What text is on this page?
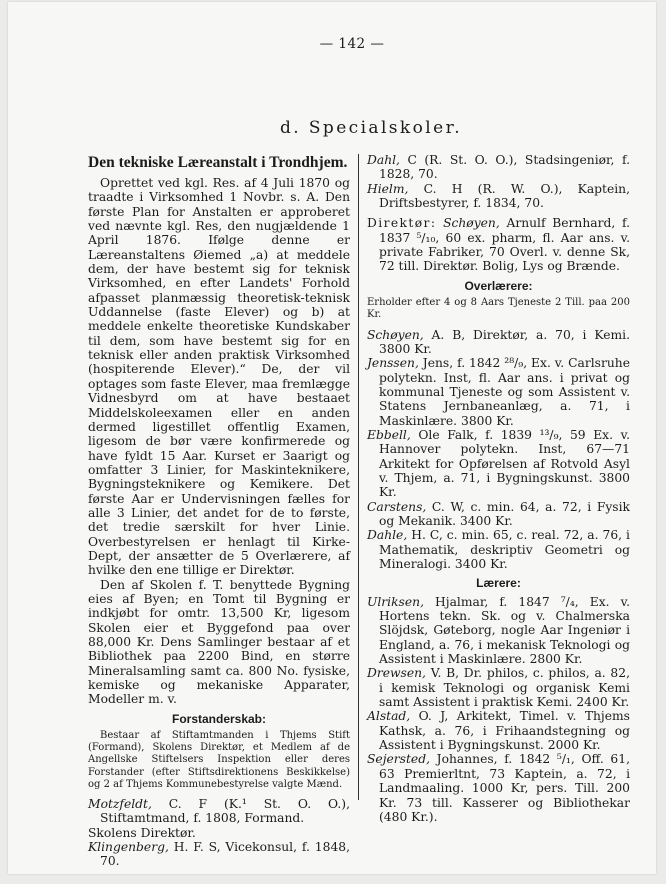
— 142 —
d. Specialskoler.
Den tekniske Læreanstalt i Trondhjem.

Oprettet ved kgl. Res. af 4 Juli 1870 og traadte i Virksomhed 1 Novbr. s. A. Den første Plan for Anstalten er approberet ved nævnte kgl. Res, den nugjældende 1 April 1876. Ifølge denne er Læreanstaltens Øiemed „a) at meddele dem, der have bestemt sig for teknisk Virksomhed, en efter Landets' Forhold afpasset planmæssig theoretisk-teknisk Uddannelse (faste Elever) og b) at meddele enkelte theoretiske Kundskaber til dem, som have bestemt sig for en teknisk eller anden praktisk Virksomhed (hospiterende Elever).“ De, der vil optages som faste Elever, maa fremlægge Vidnesbyrd om at have bestaaet Middelskoleexamen eller en anden dermed ligestillet offentlig Examen, ligesom de bør være konfirmerede og have fyldt 15 Aar. Kurset er 3aarigt og omfatter 3 Linier, for Maskinteknikere, Bygningsteknikere og Kemikere. Det første Aar er Undervisningen fælles for alle 3 Linier, det andet for de to første, det tredie særskilt for hver Linie. Overbestyrelsen er henlagt til Kirke-Dept, der ansætter de 5 Overlærere, af hvilke den ene tillige er Direktør.

Den af Skolen f. T. benyttede Bygning eies af Byen; en Tomt til Bygning er indkjøbt for omtr. 13,500 Kr, ligesom Skolen eier et Byggefond paa over 88,000 Kr. Dens Samlinger bestaar af et Bibliothek paa 2200 Bind, en større Mineralsamling samt ca. 800 No. fysiske, kemiske og mekaniske Apparater, Modeller m. v.

Forstanderskab:

Bestaar af Stiftamtmanden i Thjems Stift (Formand), Skolens Direktør, et Medlem af de Angellske Stiftelsers Inspektion eller deres Forstander (efter Stiftsdirektionens Beskikkelse) og 2 af Thjems Kommunebestyrelse valgte Mænd.

Motzfeldt, C. F (K.¹ St. O. O.), Stiftamtmand, f. 1808, Formand.

Skolens Direktør.

Klingenberg, H. F. S, Vicekonsul, f. 1848, 70.

Dahl, C (R. St. O. O.), Stadsingeniør, f. 1828, 70.

Hielm, C. H (R. W. O.), Kaptein, Driftsbestyrer, f. 1834, 70.

Direktør: Schøyen, Arnulf Bernhard, f. 1837 ⁵/₁₀, 60 ex. pharm, fl. Aar ans. v. private Fabriker, 70 Overl. v. denne Sk, 72 till. Direktør. Bolig, Lys og Brænde.

Overlærere:

Erholder efter 4 og 8 Aars Tjeneste 2 Till. paa 200 Kr.

Schøyen, A. B, Direktør, a. 70, i Kemi. 3800 Kr.

Jenssen, Jens, f. 1842 ²⁸/₉, Ex. v. Carlsruhe polytekn. Inst, fl. Aar ans. i privat og kommunal Tjeneste og som Assistent v. Statens Jernbaneanlæg, a. 71, i Maskinlære. 3800 Kr.

Ebbell, Ole Falk, f. 1839 ¹³/₉, 59 Ex. v. Hannover polytekn. Inst, 67—71 Arkitekt for Opførelsen af Rotvold Asyl v. Thjem, a. 71, i Bygningskunst. 3800 Kr.

Carstens, C. W, c. min. 64, a. 72, i Fysik og Mekanik. 3400 Kr.

Dahle, H. C, c. min. 65, c. real. 72, a. 76, i Mathematik, deskriptiv Geometri og Mineralogi. 3400 Kr.

Lærere:

Ulriksen, Hjalmar, f. 1847 ⁷/₄, Ex. v. Hortens tekn. Sk. og v. Chalmerska Slöjdsk, Gøteborg, nogle Aar Ingeniør i England, a. 76, i mekanisk Teknologi og Assistent i Maskinlære. 2800 Kr.

Drewsen, V. B, Dr. philos, c. philos, a. 82, i kemisk Teknologi og organisk Kemi samt Assistent i praktisk Kemi. 2400 Kr.

Alstad, O. J, Arkitekt, Timel. v. Thjems Kathsk, a. 76, i Frihaandstegning og Assistent i Bygningskunst. 2000 Kr.

Sejersted, Johannes, f. 1842 ⁵/₁, Off. 61, 63 Premierltnt, 73 Kaptein, a. 72, i Landmaaling. 1000 Kr, pers. Till. 200 Kr. 73 till. Kasserer og Bibliothekar (480 Kr.).
